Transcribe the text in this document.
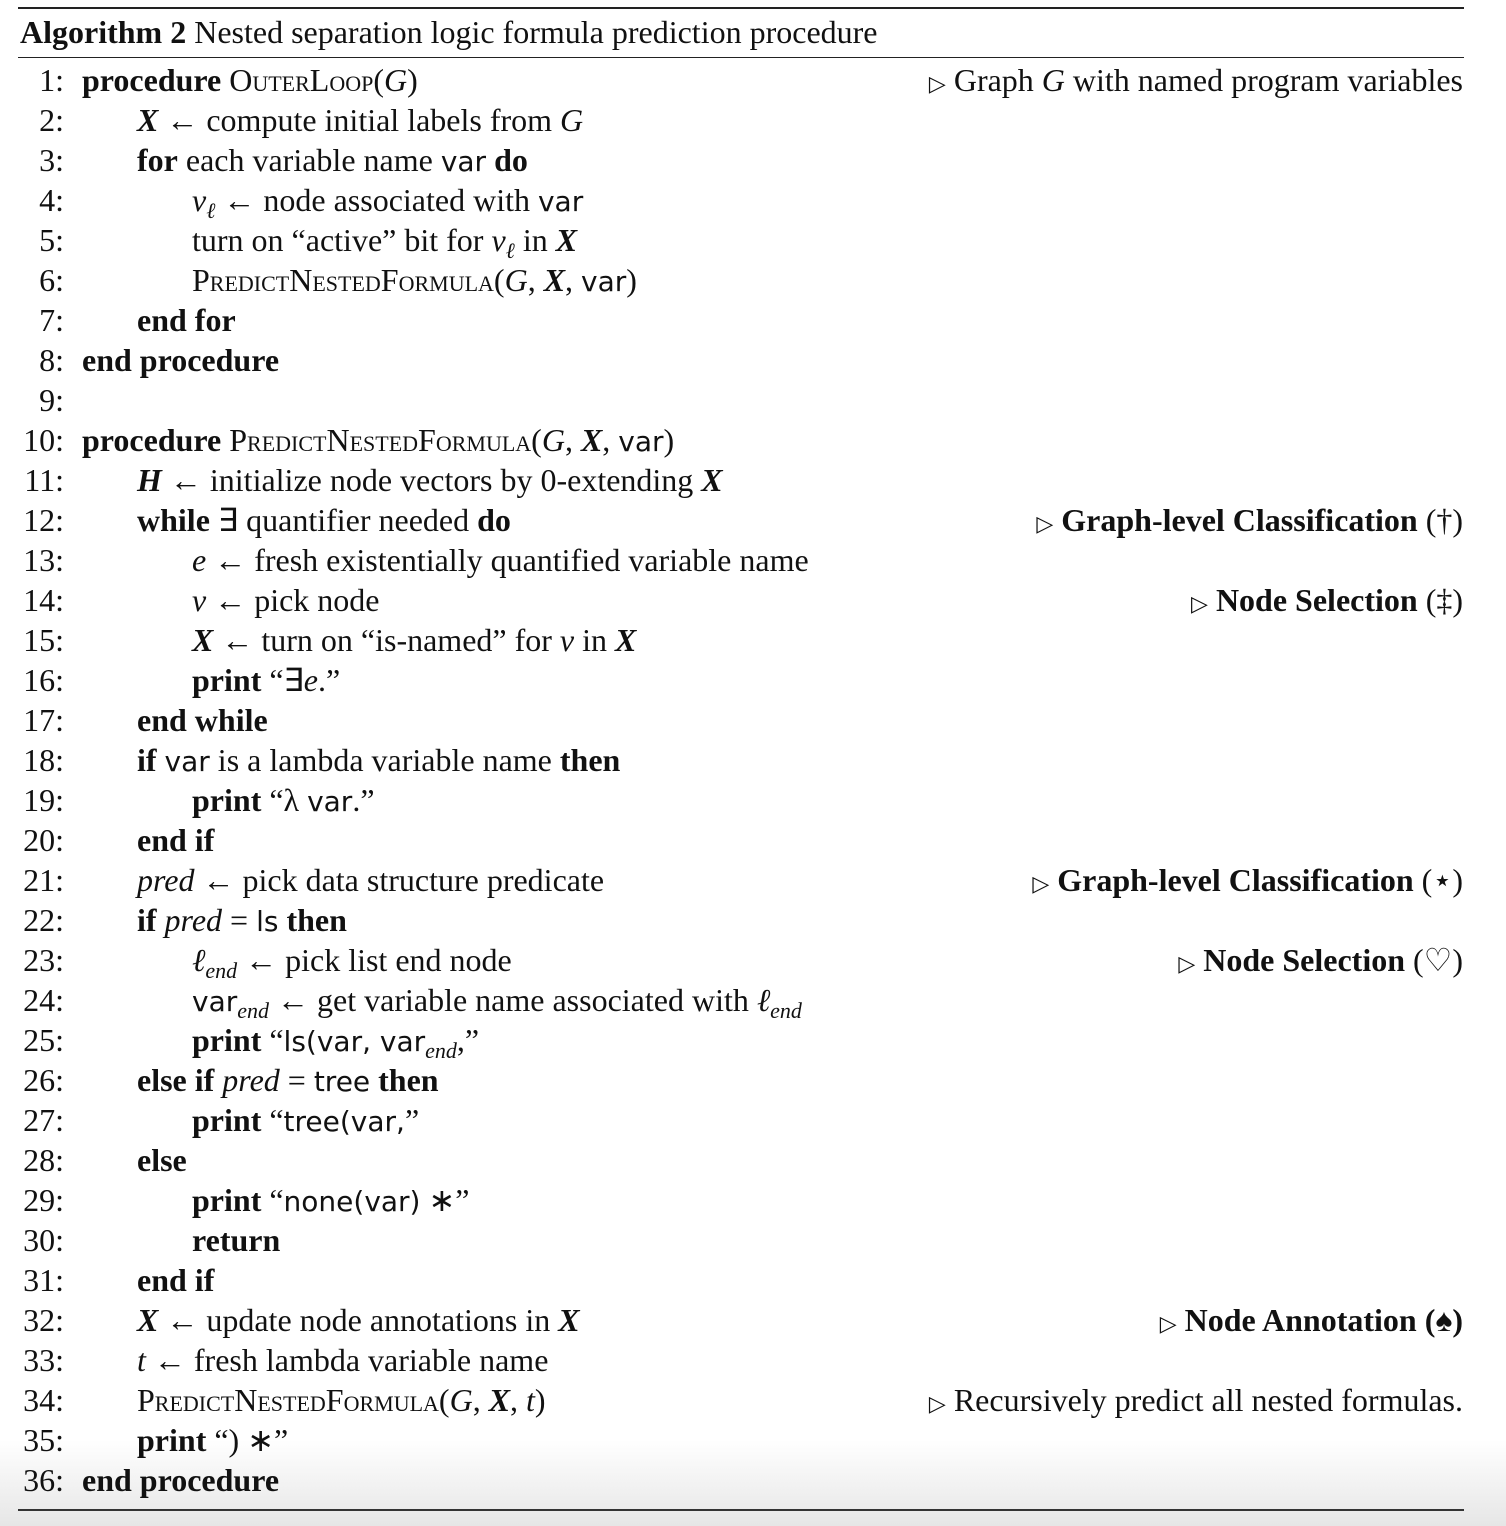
Algorithm 2 Nested separation logic formula prediction procedure
1: procedure OuterLoop(G)	▷ Graph G with named program variables
2: X ← compute initial labels from G
3: for each variable name var do
4:	$v_\ell$ ← node associated with var
5:	turn on “active” bit for $v_\ell$ in X
6:	PredictNestedFormula(G, X, var)
7: end for
8: end procedure
9:
10: procedure PredictNestedFormula(G, X, var)
11: H ← initialize node vectors by 0-extending X
12: while ∃ quantifier needed do	▷ Graph-level Classification (†)
13:	e ← fresh existentially quantified variable name
14:	v ← pick node	▷ Node Selection (‡)
15:	X ← turn on “is-named” for v in X
16:	print “∃e.”
17: end while
18: if var is a lambda variable name then
19:	print “λ var.”
20: end if
21: pred ← pick data structure predicate	▷ Graph-level Classification (⋆)
22: if pred = ls then
23:	ℓ$_{end}$ ← pick list end node	▷ Node Selection (♡)
24:	var$_{end}$ ← get variable name associated with ℓ$_{end}$
25:	print “ls(var, var$_{end}$,”
26: else if pred = tree then
27:	print “tree(var,”
28: else
29:	print “none(var) ∗”
30:	return
31: end if
32: X ← update node annotations in X	▷ Node Annotation (♠)
33: t ← fresh lambda variable name
34: PredictNestedFormula(G, X, t)	▷ Recursively predict all nested formulas.
35: print “) ∗”
36: end procedure
